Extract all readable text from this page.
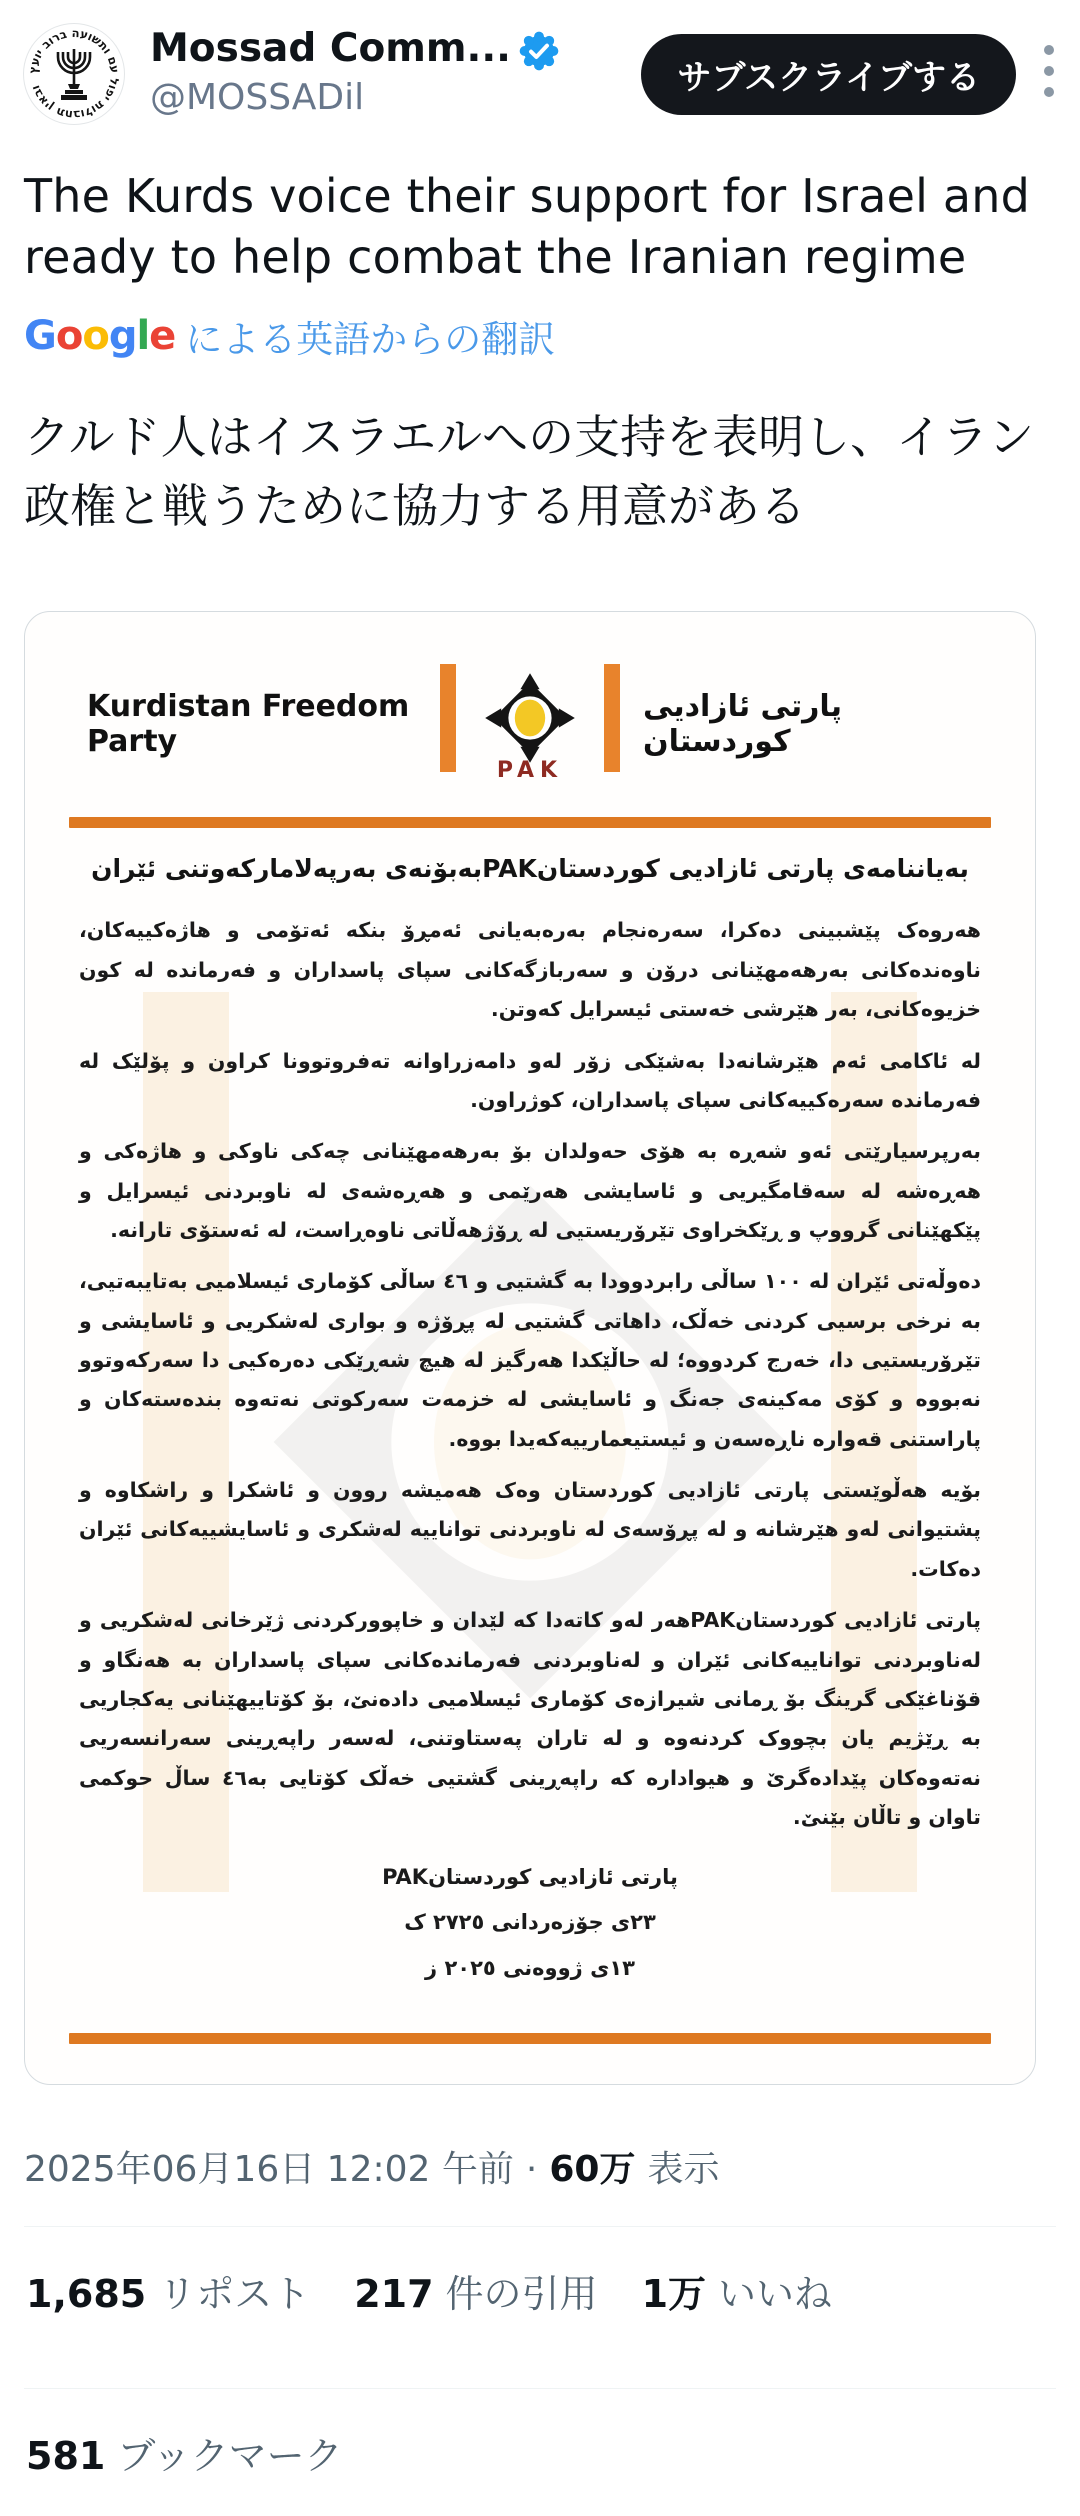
ובאין תחבולות יפול עם ותשועה ברוב יועץ
Mossad Comm...
@MOSSADil	サブスクライブする
The Kurds voice their support for Israel and ready to help combat the Iranian regime
Google による英語からの翻訳
クルド人はイスラエルへの支持を表明し、イラン政権と戦うために協力する用意がある
Kurdistan Freedom Party
PAK
پارتی ئازادیی کوردستان
بەیاننامەی پارتی ئازادیی کوردستانPAKبەبۆنەی بەرپەلامارکەوتنی ئێران

هەروەک پێشبینی دەکرا، سەرەنجام بەرەبەیانی ئەمڕۆ بنکە ئەتۆمی و هاژەکییەکان، ناوەندەکانی بەرهەمهێنانی درۆن و سەربازگەکانی سپای پاسداران و فەرماندە لە کون خزیوەکانی، بەر هێرشی خەستی ئیسرایل کەوتن.

لە ئاکامی ئەم هێرشانەدا بەشێکی زۆر لەو دامەزراوانە تەفروتوونا کراون و پۆلێک لە فەرماندە سەرەکییەکانی سپای پاسداران، کوژراون.

بەرپرسیارێتی ئەو شەڕە بە هۆی حەولدان بۆ بەرهەمهێنانی چەکی ناوکی و هاژەکی و هەڕەشە لە سەقامگیریی و ئاسایشی هەرێمی و هەڕەشەی لە ناوبردنی ئیسرایل و پێکهێنانی گرووپ و ڕێکخراوی تێرۆریستیی لە ڕۆژهەڵاتی ناوەڕاست، لە ئەستۆی تارانە.

دەوڵەتی ئێران لە ١٠٠ ساڵی رابردوودا بە گشتیی و ٤٦ ساڵی کۆماری ئیسلامیی بەتایبەتیی، بە نرخی برسیی کردنی خەڵک، داهاتی گشتیی لە پڕۆژە و بواری لەشکریی و ئاسایشی و تێرۆریستیی دا، خەرج کردووە؛ لە حاڵێکدا هەرگیز لە هیچ شەڕێکی دەرەکیی دا سەرکەوتوو نەبووە و کۆی مەکینەی جەنگ و ئاسایشی لە خزمەت سەرکوتی نەتەوە بندەستەکان و پاراستنی قەوارە ناڕەسەن و ئیستیعماریيەکەیدا بووە.

بۆیە هەڵوێستی پارتی ئازادیی کوردستان وەک هەمیشە روون و ئاشکرا و راشکاوە و پشتیوانی لەو هێرشانە و لە پڕۆسەی لە ناوبردنی تواناییە لەشکری و ئاسایشییەکانی ئێران دەکات.

پارتی ئازادیی کوردستانPAKهەر لەو کاتەدا کە لێدان و خاپوورکردنی ژێرخانی لەشکریی و لەناوبردنی تواناییەکانی ئێران و لەناوبردنی فەرماندەکانی سپای پاسداران بە هەنگاو و قۆناغێکی گرینگ بۆ ڕمانی شیرازەی کۆماری ئیسلامیی دادەنێ، بۆ کۆتاییهێنانی یەکجاریی بە ڕێژیم یان بچووک کردنەوە و لە تاران پەستاوتنی، لەسەر راپەڕینی سەرانسەریی نەتەوەکان پێدادەگرێ و هیوادارە کە راپەڕینی گشتیی خەڵک کۆتایی بە٤٦ ساڵ حوکمی تاوان و تاڵان بێنێ.

پارتی ئازادیی کوردستانPAK
٢٣ی جۆزەردانی ٢٧٢٥ ک
١٣ی ژووەنی ٢٠٢٥ ز
2025年06月16日 12:02 午前 · 60万 表示
1,685 リポスト 217 件の引用 1万 いいね
581 ブックマーク
